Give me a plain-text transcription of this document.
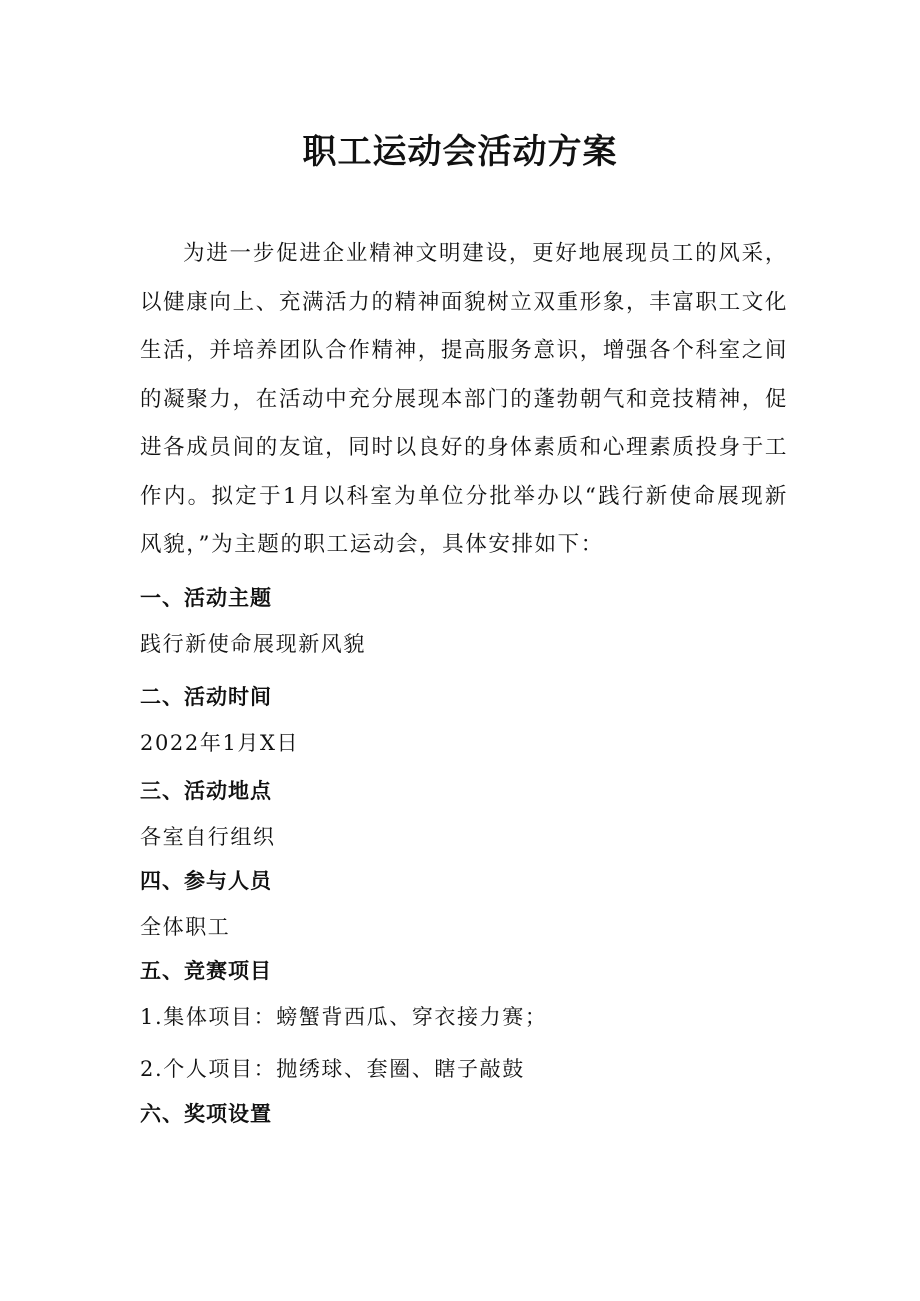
职工运动会活动方案

为进一步促进企业精神文明建设，更好地展现员工的风采，以健康向上、充满活力的精神面貌树立双重形象，丰富职工文化生活，并培养团队合作精神，提高服务意识，增强各个科室之间的凝聚力，在活动中充分展现本部门的蓬勃朝气和竞技精神，促进各成员间的友谊，同时以良好的身体素质和心理素质投身于工作内。拟定于1月以科室为单位分批举办以“践行新使命展现新风貌，”为主题的职工运动会，具体安排如下：

一、活动主题

践行新使命展现新风貌

二、活动时间

2022年1月X日

三、活动地点

各室自行组织

四、参与人员

全体职工

五、竞赛项目

1.集体项目：螃蟹背西瓜、穿衣接力赛；

2.个人项目：抛绣球、套圈、瞎子敲鼓

六、奖项设置
